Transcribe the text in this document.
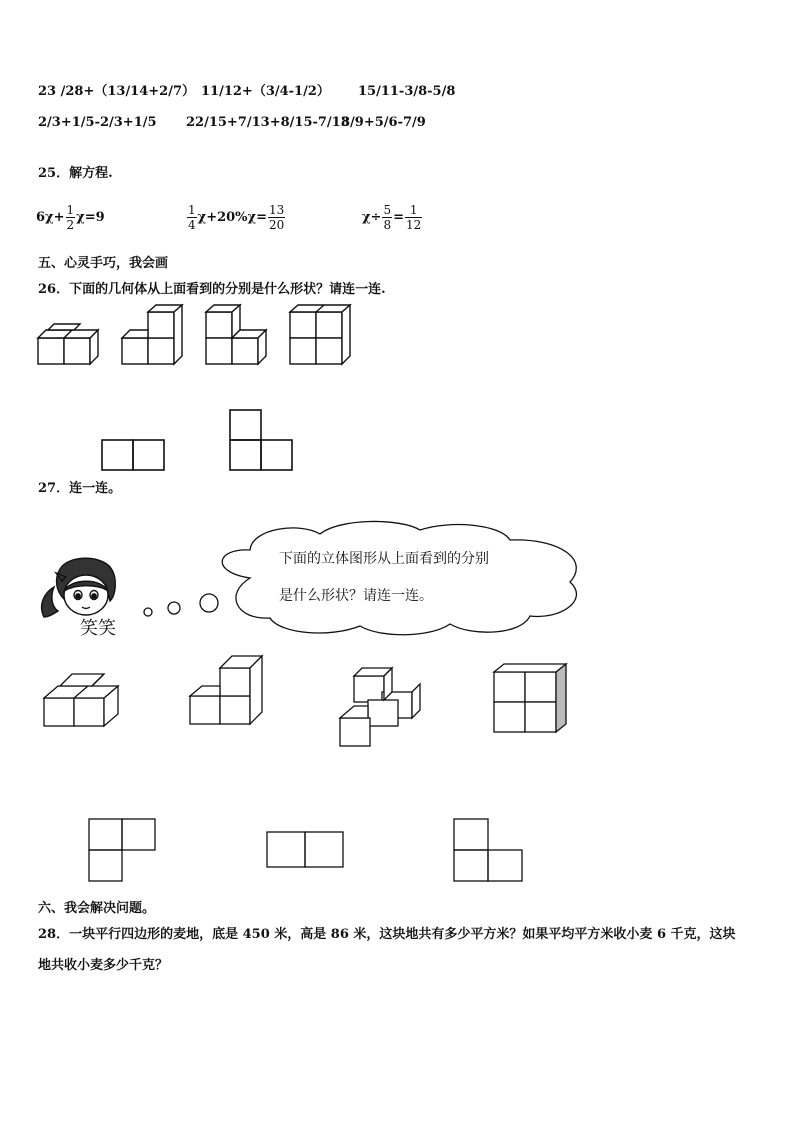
23 /28+（13/14+2/7） 11/12+（3/4-1/2） 15/11-3/8-5/8
2/3+1/5-2/3+1/5 22/15+7/13+8/15-7/13
8/9+5/6-7/9
25．解方程.
$6\chi+ \frac{1}{2} \chi=9$	$\frac{1}{4} \chi+20\%\chi= \frac{13}{20}$	$\chi\div \frac{5}{8} = \frac{1}{12}$
五、心灵手巧，我会画
26．下面的几何体从上面看到的分别是什么形状？请连一连.
27．连一连。
笑笑
下面的立体图形从上面看到的分别
是什么形状？请连一连。
六、我会解决问题。
28．一块平行四边形的麦地，底是 450 米，高是 86 米，这块地共有多少平方米？如果平均平方米收小麦 6 千克，这块
地共收小麦多少千克？
